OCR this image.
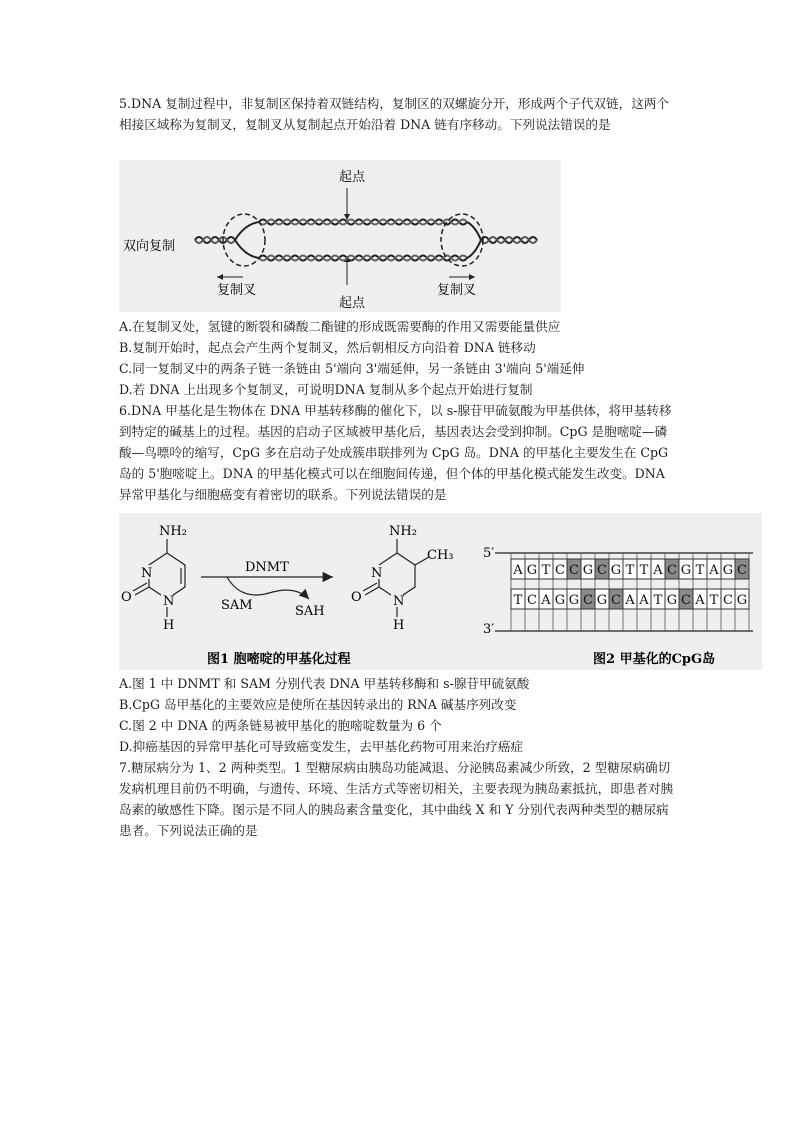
5.DNA 复制过程中，非复制区保持着双链结构，复制区的双螺旋分开，形成两个子代双链，这两个相接区域称为复制叉，复制叉从复制起点开始沿着 DNA 链有序移动。下列说法错误的是

起点
起点
双向复制
复制叉	复制叉
A.在复制叉处，氢键的断裂和磷酸二酯键的形成既需要酶的作用又需要能量供应
B.复制开始时，起点会产生两个复制叉，然后朝相反方向沿着 DNA 链移动
C.同一复制叉中的两条子链一条链由 5'端向 3'端延伸，另一条链由 3'端向 5'端延伸
D.若 DNA 上出现多个复制叉，可说明DNA 复制从多个起点开始进行复制

6.DNA 甲基化是生物体在 DNA 甲基转移酶的催化下，以 s-腺苷甲硫氨酸为甲基供体，将甲基转移到特定的碱基上的过程。基因的启动子区域被甲基化后，基因表达会受到抑制。CpG 是胞嘧啶—磷酸—鸟嘌呤的缩写，CpG 多在启动子处成簇串联排列为 CpG 岛。DNA 的甲基化主要发生在 CpG 岛的 5'胞嘧啶上。DNA 的甲基化模式可以在细胞间传递，但个体的甲基化模式能发生改变。DNA 异常甲基化与细胞癌变有着密切的联系。下列说法错误的是

NH₂
N
O N
H
DNMT
SAM	SAH
NH₂
CH₃
N
O N
H
图1 胞嘧啶的甲基化过程	图2 甲基化的CpG岛
5′
3′
A G T C C G C G T T A C G T A G C
T C A G G C G C A A T G C A T C G
A.图 1 中 DNMT 和 SAM 分别代表 DNA 甲基转移酶和 s-腺苷甲硫氨酸
B.CpG 岛甲基化的主要效应是使所在基因转录出的 RNA 碱基序列改变
C.图 2 中 DNA 的两条链易被甲基化的胞嘧啶数量为 6 个
D.抑癌基因的异常甲基化可导致癌变发生，去甲基化药物可用来治疗癌症

7.糖尿病分为 1、2 两种类型。1 型糖尿病由胰岛功能减退、分泌胰岛素减少所致，2 型糖尿病确切发病机理目前仍不明确，与遗传、环境、生活方式等密切相关，主要表现为胰岛素抵抗，即患者对胰岛素的敏感性下降。图示是不同人的胰岛素含量变化，其中曲线 X 和 Y 分别代表两种类型的糖尿病患者。下列说法正确的是
